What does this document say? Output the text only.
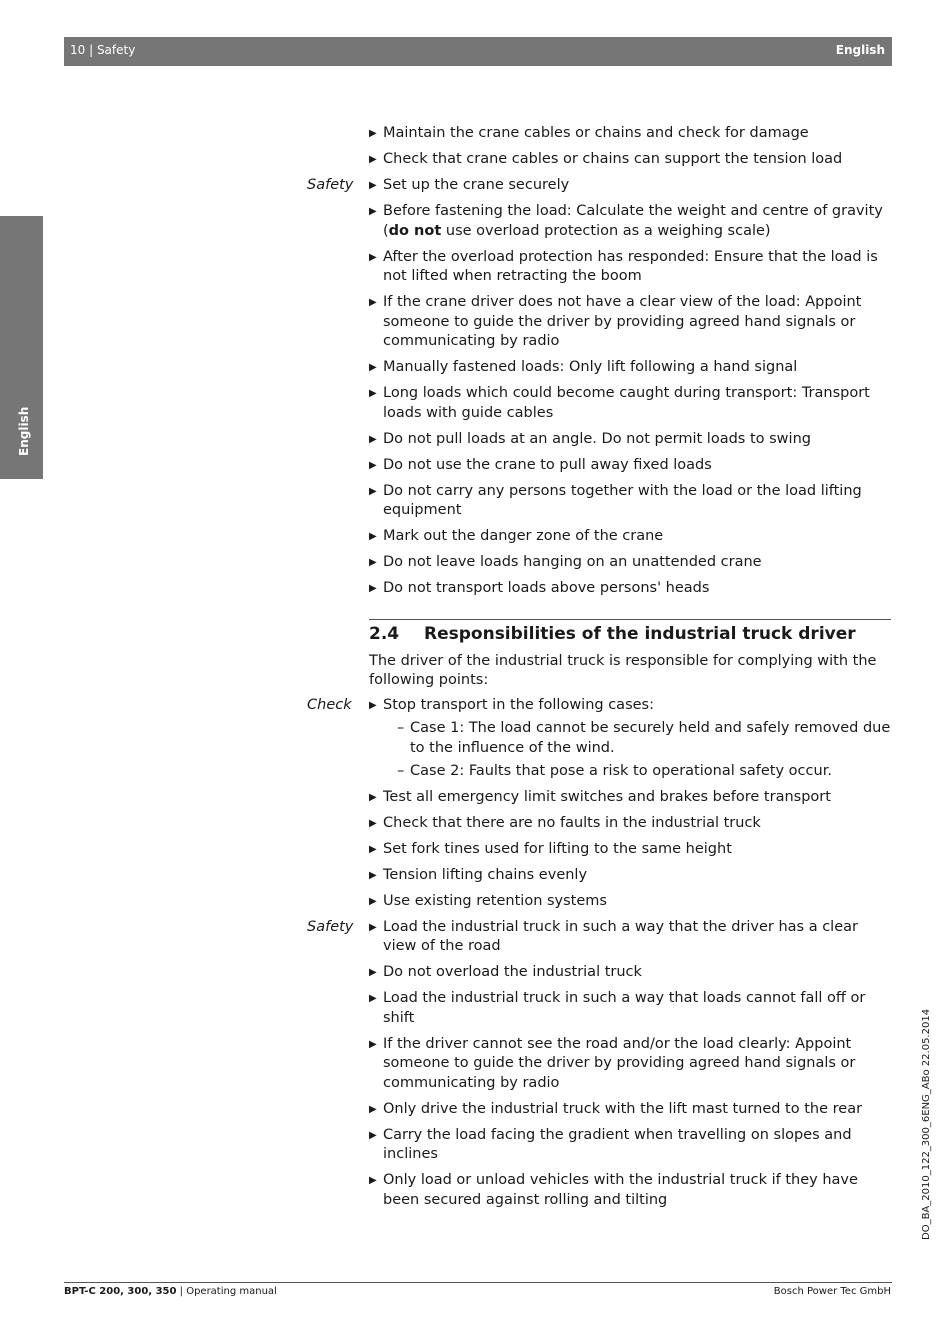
10 | Safety	English
English
▶ Maintain the crane cables or chains and check for damage
▶ Check that crane cables or chains can support the tension load
▶
Safety Set up the crane securely
▶ Before fastening the load: Calculate the weight and centre of gravity (do not use overload protection as a weighing scale)
▶ After the overload protection has responded: Ensure that the load is not lifted when retracting the boom
▶ If the crane driver does not have a clear view of the load: Appoint someone to guide the driver by providing agreed hand signals or communicating by radio
▶ Manually fastened loads: Only lift following a hand signal
▶ Long loads which could become caught during transport: Transport loads with guide cables
▶ Do not pull loads at an angle. Do not permit loads to swing
▶ Do not use the crane to pull away fixed loads
▶ Do not carry any persons together with the load or the load lifting equipment
▶ Mark out the danger zone of the crane
▶ Do not leave loads hanging on an unattended crane
▶ Do not transport loads above persons' heads
2.4 Responsibilities of the industrial truck driver
The driver of the industrial truck is responsible for complying with the following points:
▶
Check Stop transport in the following cases:
– Case 1: The load cannot be securely held and safely removed due to the influence of the wind.
– Case 2: Faults that pose a risk to operational safety occur.
▶ Test all emergency limit switches and brakes before transport
▶ Check that there are no faults in the industrial truck
▶ Set fork tines used for lifting to the same height
▶ Tension lifting chains evenly
▶ Use existing retention systems
▶
Safety Load the industrial truck in such a way that the driver has a clear view of the road
▶ Do not overload the industrial truck
▶ Load the industrial truck in such a way that loads cannot fall off or shift
▶ If the driver cannot see the road and/or the load clearly: Appoint someone to guide the driver by providing agreed hand signals or communicating by radio
▶ Only drive the industrial truck with the lift mast turned to the rear
▶ Carry the load facing the gradient when travelling on slopes and inclines
▶ Only load or unload vehicles with the industrial truck if they have been secured against rolling and tilting	DO_BA_2010_122_300_6ENG_ABo 22.05.2014
BPT-C 200, 300, 350 | Operating manual	Bosch Power Tec GmbH
